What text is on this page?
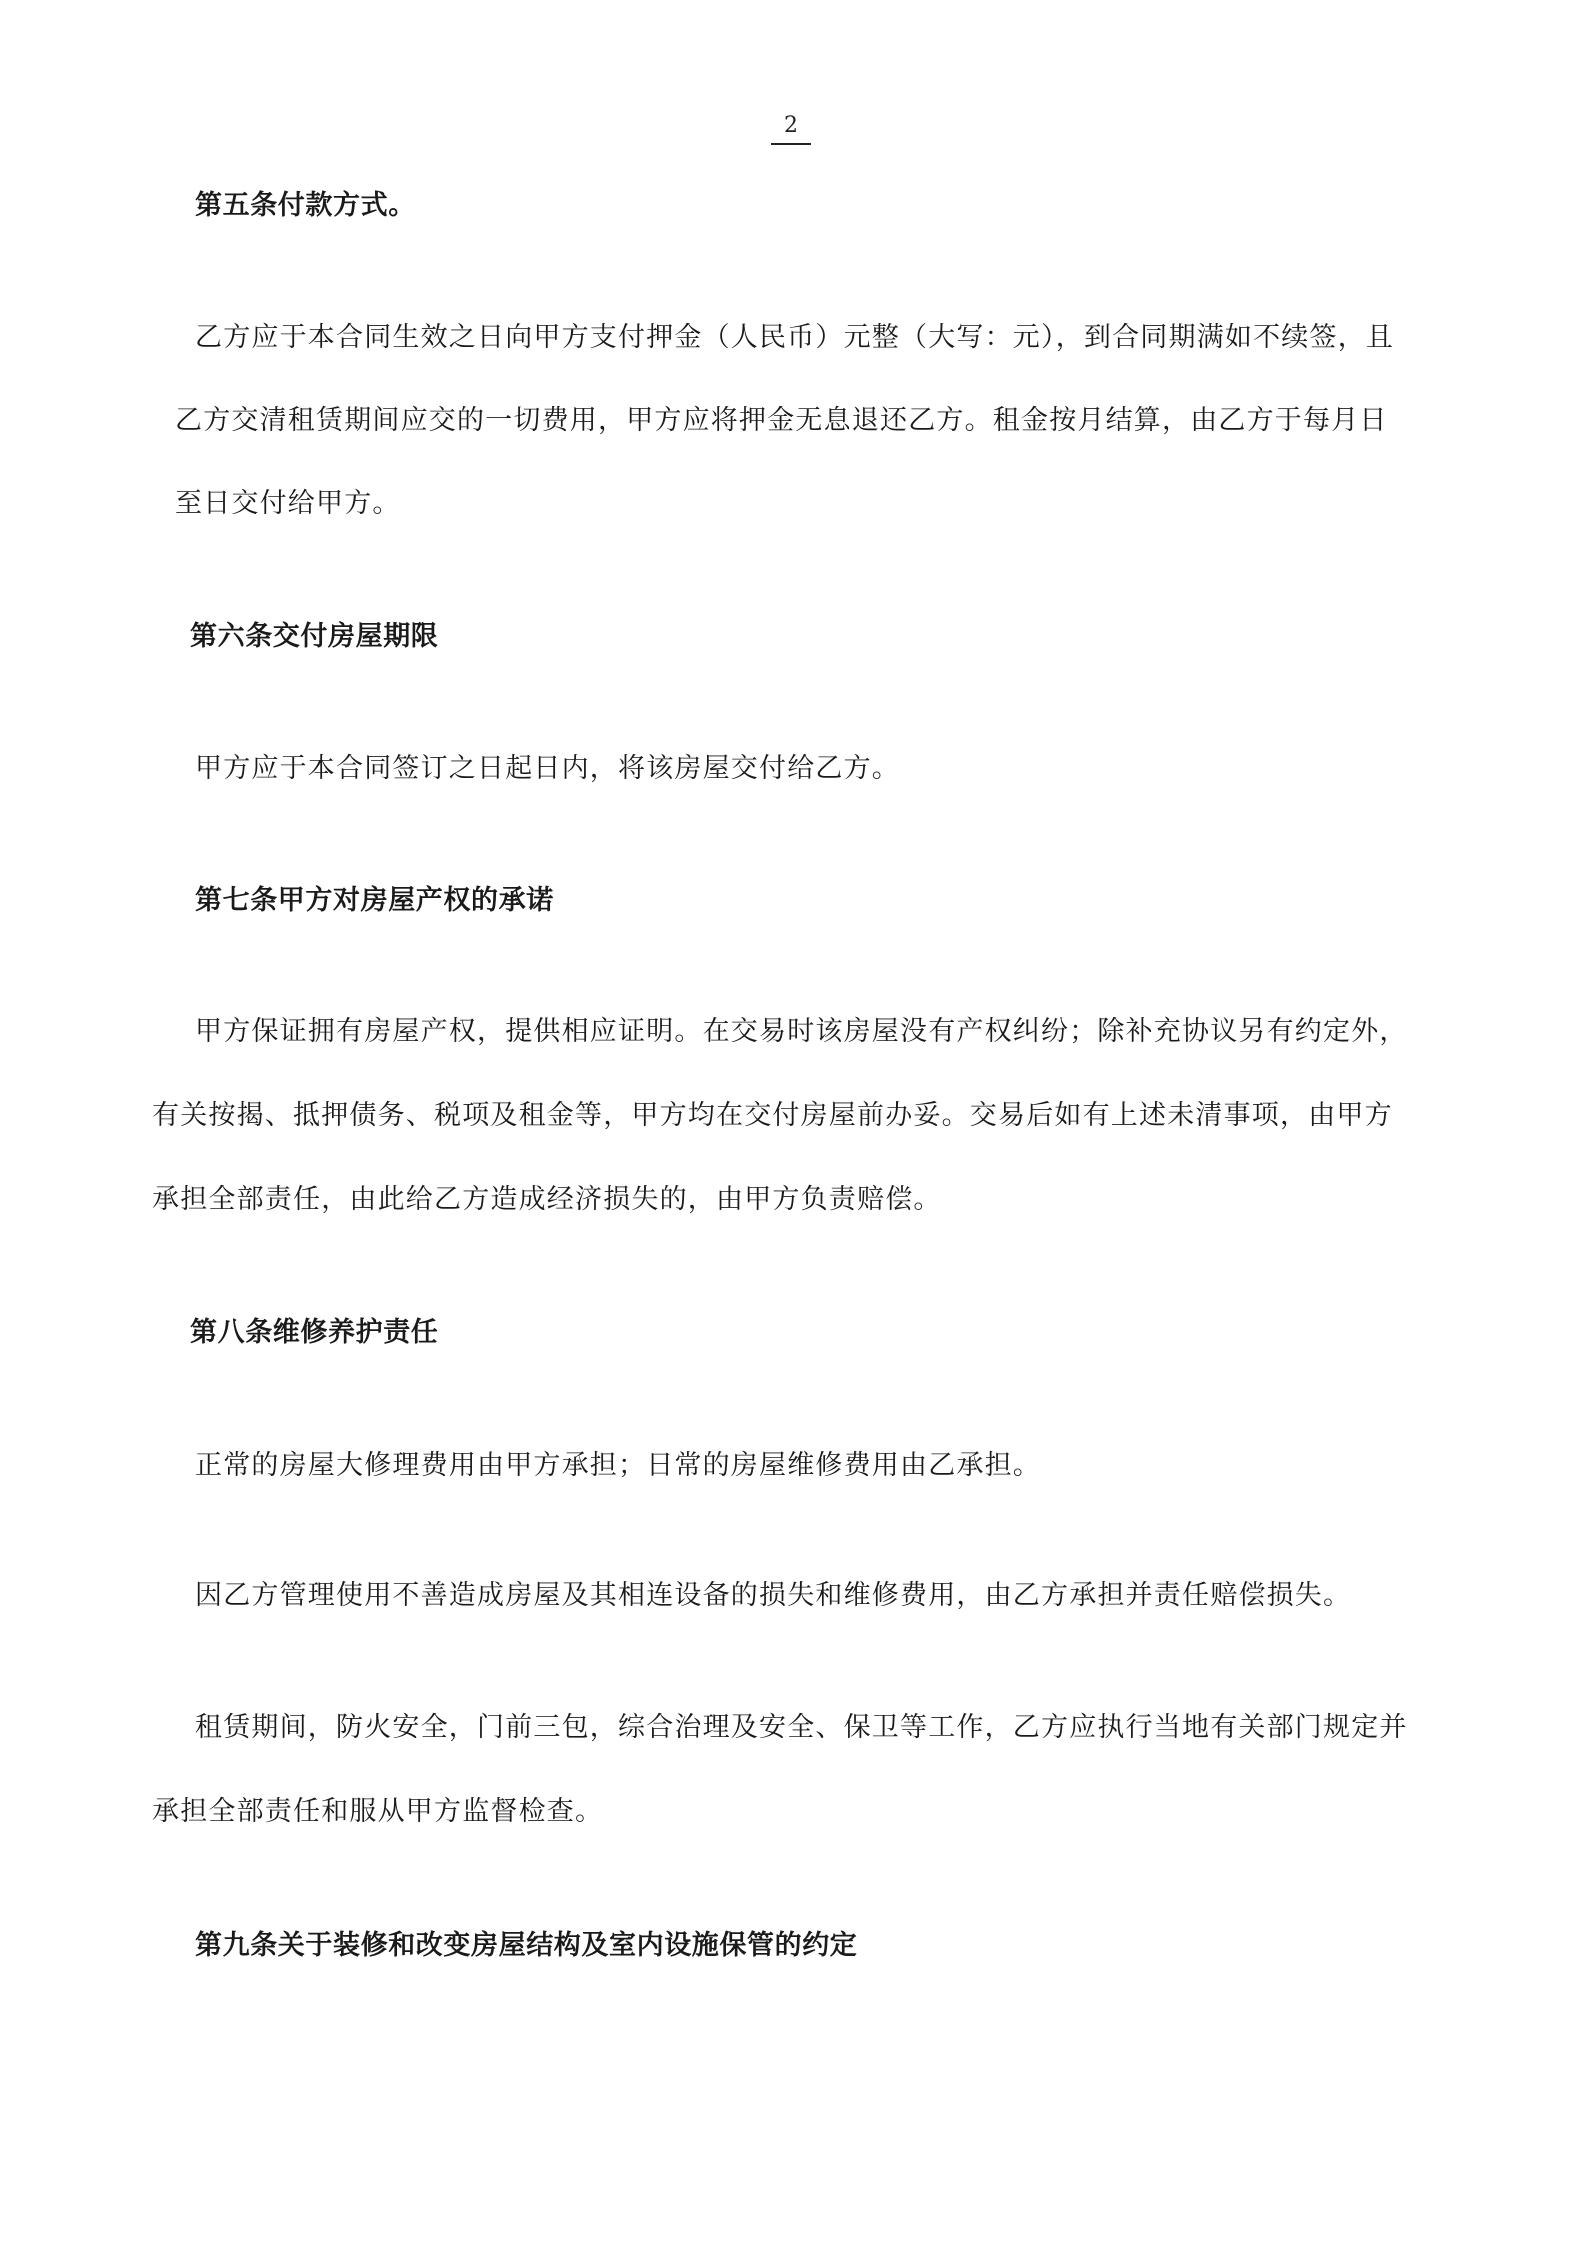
2
第五条付款方式。
乙方应于本合同生效之日向甲方支付押金（人民币）元整（大写：元），到合同期满如不续签，且
乙方交清租赁期间应交的一切费用，甲方应将押金无息退还乙方。租金按月结算，由乙方于每月日
至日交付给甲方。
第六条交付房屋期限
甲方应于本合同签订之日起日内，将该房屋交付给乙方。
第七条甲方对房屋产权的承诺
甲方保证拥有房屋产权，提供相应证明。在交易时该房屋没有产权纠纷；除补充协议另有约定外，
有关按揭、抵押债务、税项及租金等，甲方均在交付房屋前办妥。交易后如有上述未清事项，由甲方
承担全部责任，由此给乙方造成经济损失的，由甲方负责赔偿。
第八条维修养护责任
正常的房屋大修理费用由甲方承担；日常的房屋维修费用由乙承担。
因乙方管理使用不善造成房屋及其相连设备的损失和维修费用，由乙方承担并责任赔偿损失。
租赁期间，防火安全，门前三包，综合治理及安全、保卫等工作，乙方应执行当地有关部门规定并
承担全部责任和服从甲方监督检查。
第九条关于装修和改变房屋结构及室内设施保管的约定
